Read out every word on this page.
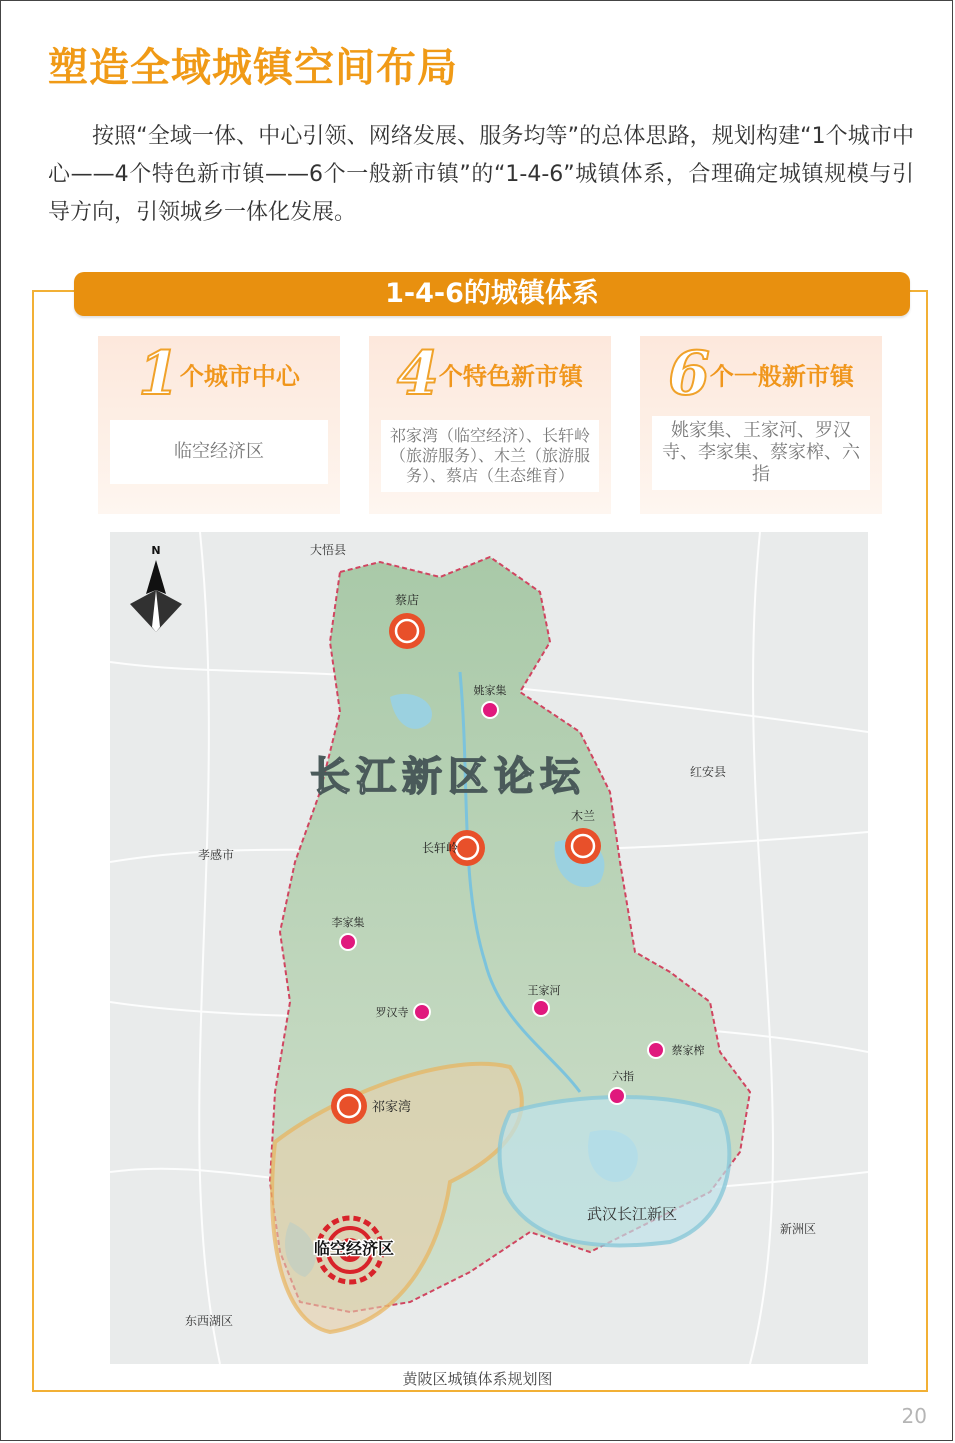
塑造全域城镇空间布局

按照“全域一体、中心引领、网络发展、服务均等”的总体思路，规划构建“1个城市中心——4个特色新市镇——6个一般新市镇”的“1-4-6”城镇体系，合理确定城镇规模与引导方向，引领城乡一体化发展。

1-4-6的城镇体系
1个城市中心
临空经济区
4个特色新市镇
祁家湾（临空经济）、长轩岭（旅游服务）、木兰（旅游服务）、蔡店（生态维育）
6个一般新市镇
姚家集、王家河、罗汉寺、李家集、蔡家榨、六指
长江新区论坛
N	大悟县
红安县
孝感市
新洲区
东西湖区
蔡店
长轩岭
木兰
祁家湾
姚家集
李家集
罗汉寺
王家河
蔡家榨
六指
临空经济区
武汉长江新区

黄陂区城镇体系规划图

20
